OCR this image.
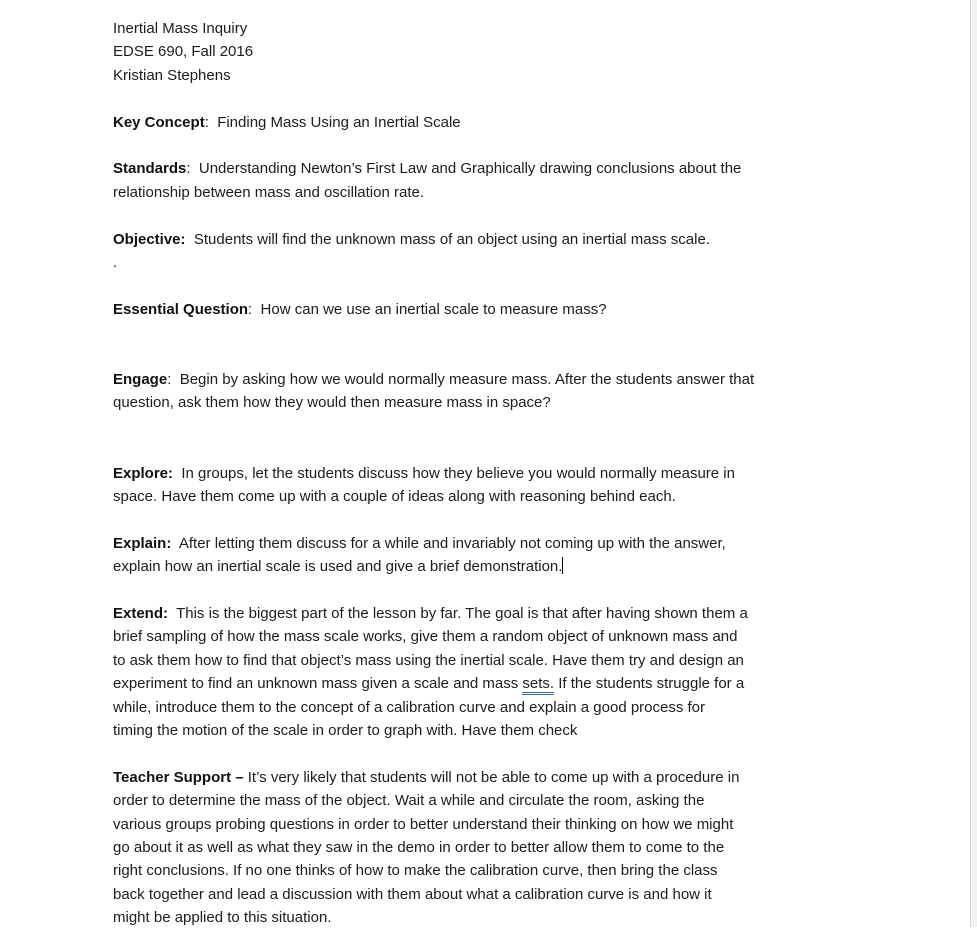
Inertial Mass Inquiry
EDSE 690, Fall 2016
Kristian Stephens

Key Concept:  Finding Mass Using an Inertial Scale

Standards:  Understanding Newton’s First Law and Graphically drawing conclusions about the
relationship between mass and oscillation rate.

Objective:  Students will find the unknown mass of an object using an inertial mass scale.
.

Essential Question:  How can we use an inertial scale to measure mass?

Engage:  Begin by asking how we would normally measure mass. After the students answer that
question, ask them how they would then measure mass in space?

Explore:  In groups, let the students discuss how they believe you would normally measure in
space. Have them come up with a couple of ideas along with reasoning behind each.

Explain:  After letting them discuss for a while and invariably not coming up with the answer,
explain how an inertial scale is used and give a brief demonstration.

Extend:  This is the biggest part of the lesson by far. The goal is that after having shown them a
brief sampling of how the mass scale works, give them a random object of unknown mass and
to ask them how to find that object’s mass using the inertial scale. Have them try and design an
experiment to find an unknown mass given a scale and mass sets. If the students struggle for a
while, introduce them to the concept of a calibration curve and explain a good process for
timing the motion of the scale in order to graph with. Have them check

Teacher Support – It’s very likely that students will not be able to come up with a procedure in
order to determine the mass of the object. Wait a while and circulate the room, asking the
various groups probing questions in order to better understand their thinking on how we might
go about it as well as what they saw in the demo in order to better allow them to come to the
right conclusions. If no one thinks of how to make the calibration curve, then bring the class
back together and lead a discussion with them about what a calibration curve is and how it
might be applied to this situation.
